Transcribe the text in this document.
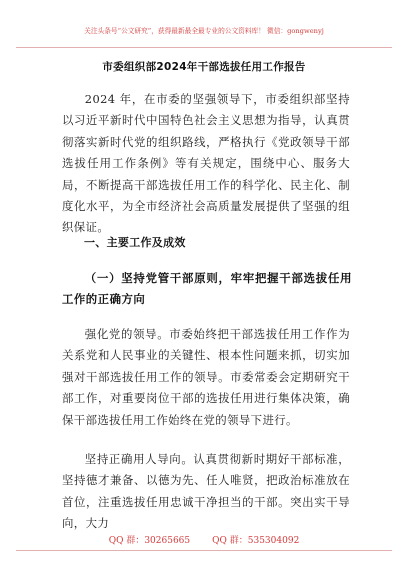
关注头条号“公文研究”，获得最新最全最专业的公文资料库！ 微信：gongwenyj
市委组织部2024年干部选拔任用工作报告

2024 年，在市委的坚强领导下，市委组织部坚持以习近平新时代中国特色社会主义思想为指导，认真贯彻落实新时代党的组织路线，严格执行《党政领导干部选拔任用工作条例》等有关规定，围绕中心、服务大局，不断提高干部选拔任用工作的科学化、民主化、制度化水平，为全市经济社会高质量发展提供了坚强的组织保证。

一、主要工作及成效

（一）坚持党管干部原则，牢牢把握干部选拔任用工作的正确方向

强化党的领导。市委始终把干部选拔任用工作作为关系党和人民事业的关键性、根本性问题来抓，切实加强对干部选拔任用工作的领导。市委常委会定期研究干部工作，对重要岗位干部的选拔任用进行集体决策，确保干部选拔任用工作始终在党的领导下进行。

坚持正确用人导向。认真贯彻新时期好干部标准，坚持德才兼备、以德为先、任人唯贤，把政治标准放在首位，注重选拔任用忠诚干净担当的干部。突出实干导向，大力

QQ 群：30265665 QQ 群：535304092
